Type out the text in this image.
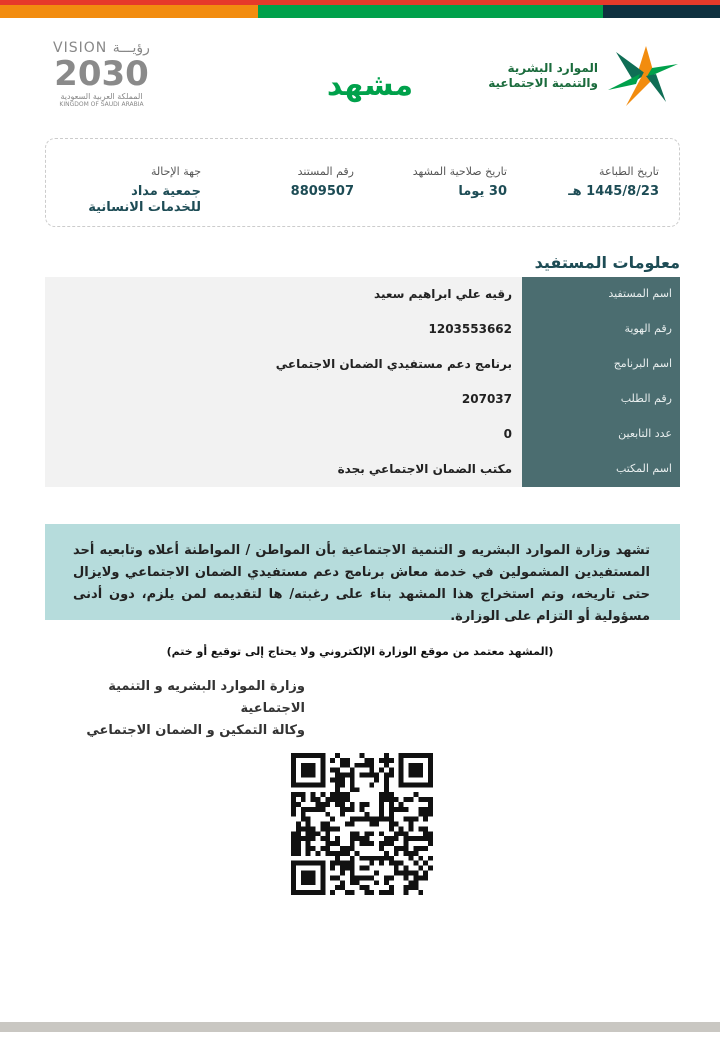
VISION رؤيـــة
2030
المملكة العربية السعودية
KINGDOM OF SAUDI ARABIA
مشهد	الموارد البشرية
والتنمية الاجتماعية
تاريخ الطباعة
1445/8/23 هـ
تاريخ صلاحية المشهد
30 يوما
رقم المستند
8809507
جهة الإحالة
جمعية مداد للخدمات الانسانية
معلومات المستفيد
اسم المستفيد
رقيه علي ابراهيم سعيد
رقم الهوية
1203553662
اسم البرنامج
برنامج دعم مستفيدي الضمان الاجتماعي
رقم الطلب
207037
عدد التابعين
0
اسم المكتب
مكتب الضمان الاجتماعي بجدة
تشهد وزارة الموارد البشريه و التنمية الاجتماعية بأن المواطن / المواطنة أعلاه وتابعيه أحد المستفيدين المشمولين في خدمة معاش برنامج دعم مستفيدي الضمان الاجتماعي ولايزال حتى تاريخه، وتم استخراج هذا المشهد بناء على رغبته/ ها لتقديمه لمن يلزم، دون أدنى مسؤولية أو التزام على الوزارة.
(المشهد معتمد من موقع الوزارة الإلكتروني ولا يحتاج إلى توقيع أو ختم)
وزارة الموارد البشريه و التنمية الاجتماعية
وكالة التمكين و الضمان الاجتماعي
